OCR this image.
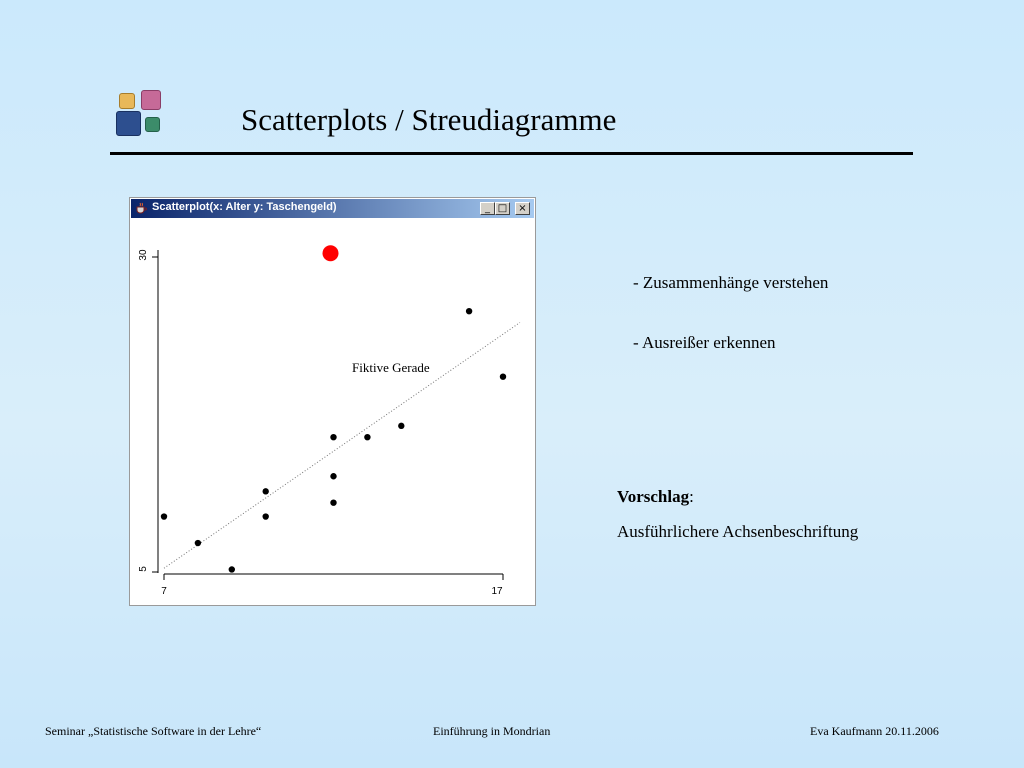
Scatterplots / Streudiagramme
Scatterplot(x: Alter y: Taschengeld)	_ □	×
7	17
5
30
Fiktive Gerade
- Zusammenhänge verstehen
- Ausreißer erkennen
Vorschlag:
Ausführlichere Achsenbeschriftung
Seminar „Statistische Software in der Lehre“	Einführung in Mondrian	Eva Kaufmann 20.11.2006
